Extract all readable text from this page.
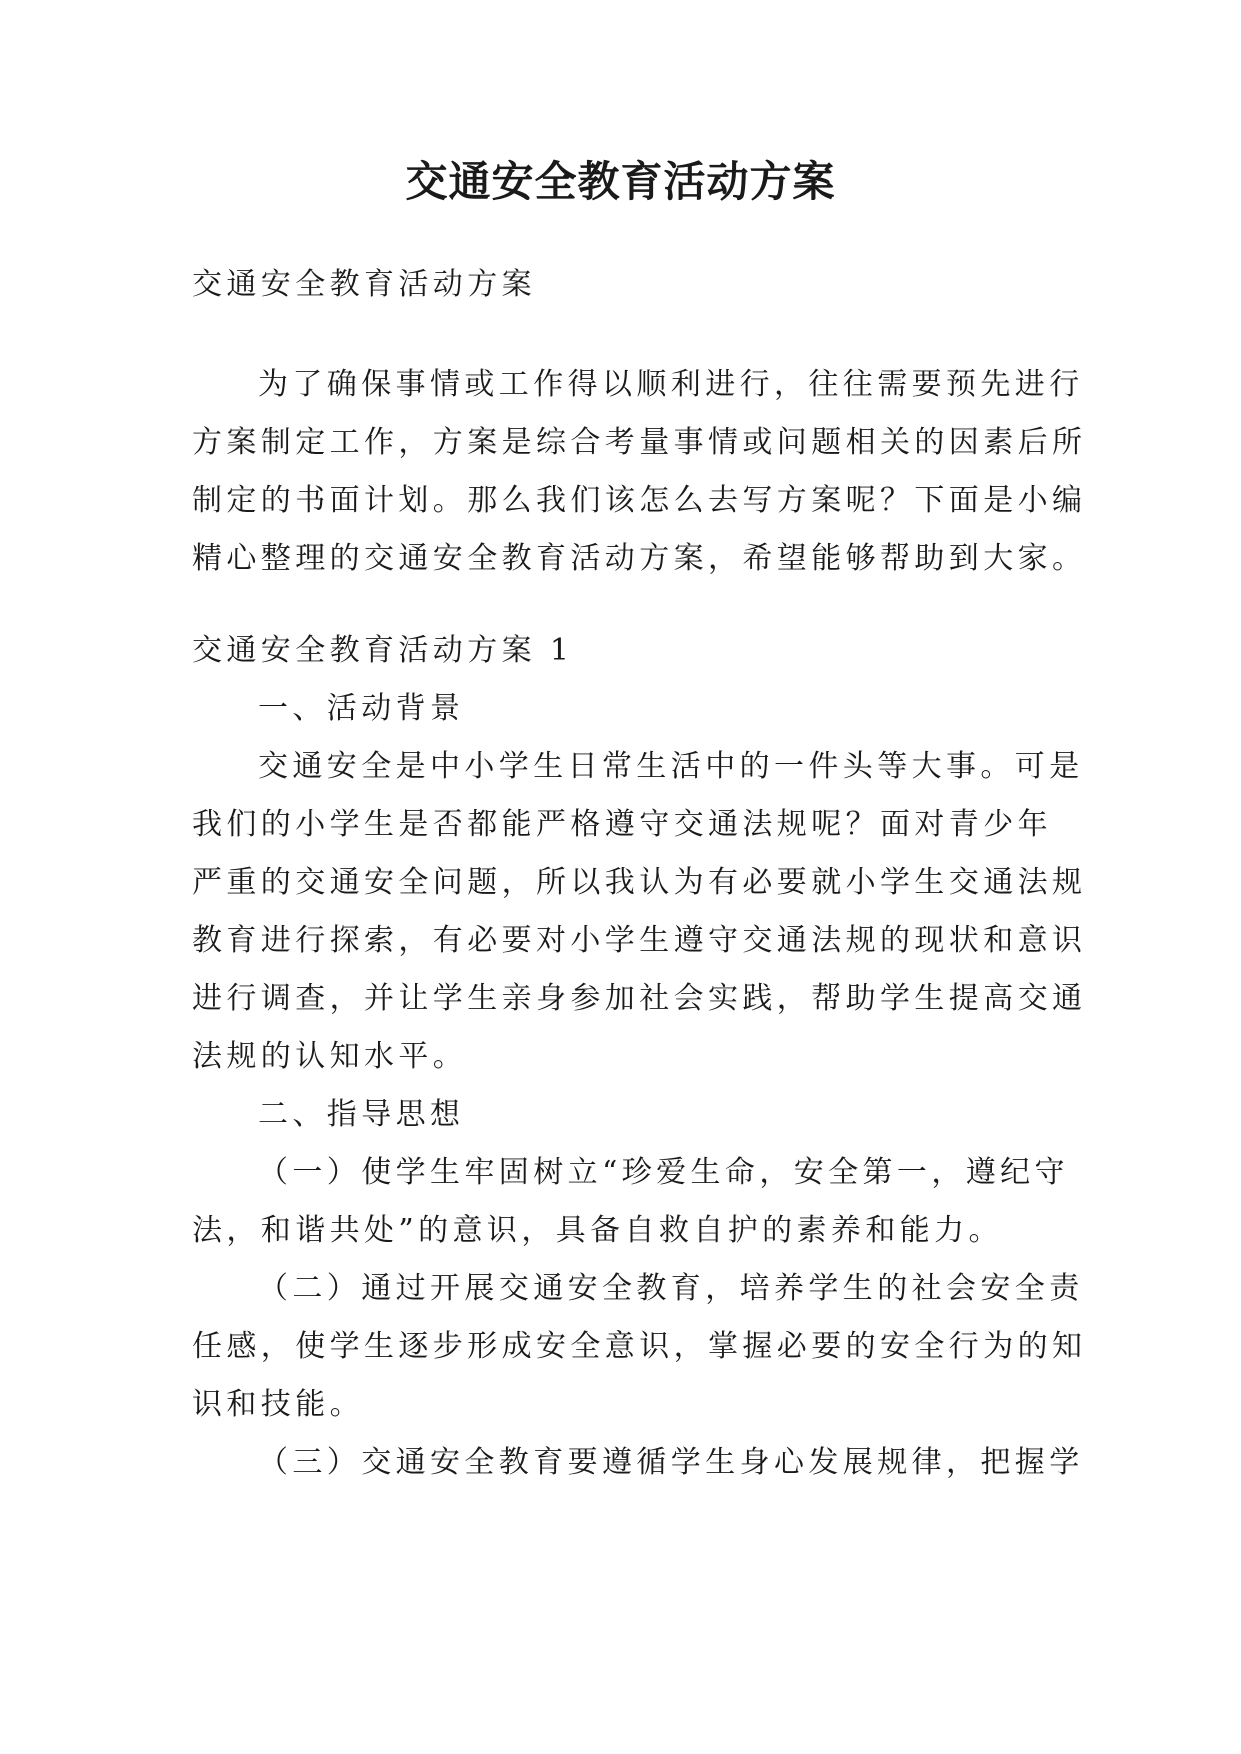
交通安全教育活动方案
交通安全教育活动方案
为了确保事情或工作得以顺利进行，往往需要预先进行
方案制定工作，方案是综合考量事情或问题相关的因素后所
制定的书面计划。那么我们该怎么去写方案呢？下面是小编
精心整理的交通安全教育活动方案，希望能够帮助到大家。
交通安全教育活动方案 1
一、活动背景
交通安全是中小学生日常生活中的一件头等大事。可是
我们的小学生是否都能严格遵守交通法规呢？面对青少年
严重的交通安全问题，所以我认为有必要就小学生交通法规
教育进行探索，有必要对小学生遵守交通法规的现状和意识
进行调查，并让学生亲身参加社会实践，帮助学生提高交通
法规的认知水平。
二、指导思想
（一）使学生牢固树立“珍爱生命，安全第一，遵纪守
法，和谐共处”的意识，具备自救自护的素养和能力。
（二）通过开展交通安全教育，培养学生的社会安全责
任感，使学生逐步形成安全意识，掌握必要的安全行为的知
识和技能。
（三）交通安全教育要遵循学生身心发展规律，把握学
